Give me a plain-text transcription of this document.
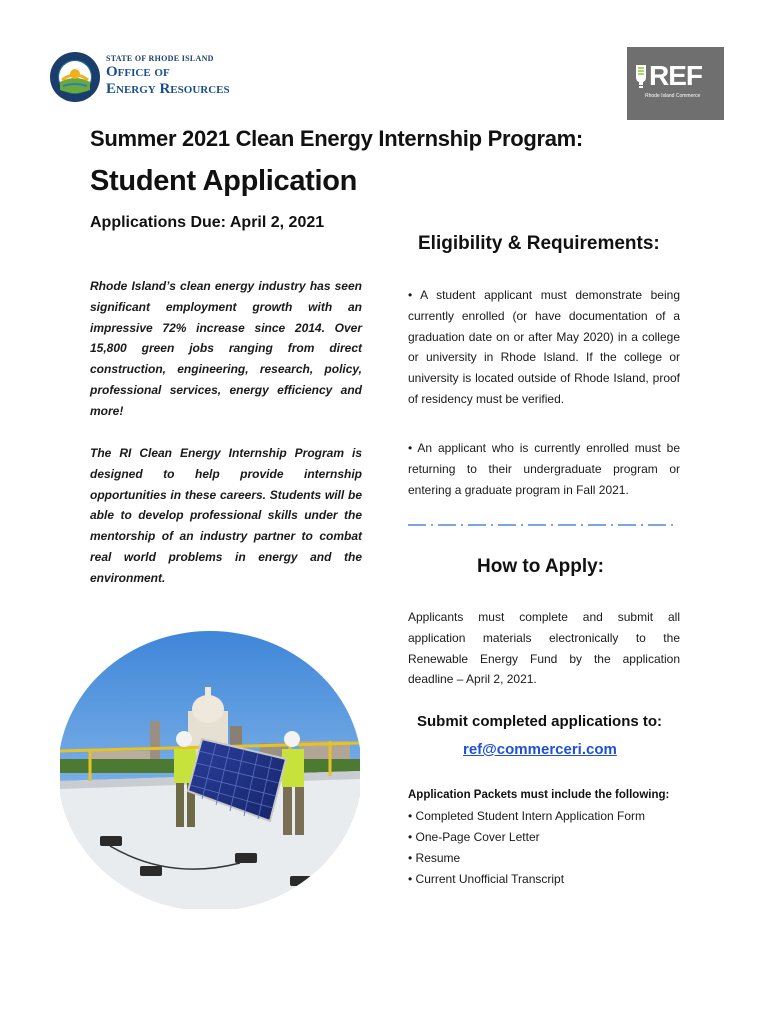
STATE OF RHODE ISLAND
Office of
Energy Resources	REF
Rhode Island Commerce
Summer 2021 Clean Energy Internship Program:
Student Application
Applications Due: April 2, 2021
Rhode Island’s clean energy industry has seen significant employment growth with an impressive 72% increase since 2014. Over 15,800 green jobs ranging from direct construction, engineering, research, policy, professional services, energy efficiency and more!
The RI Clean Energy Internship Program is designed to help provide internship opportunities in these careers. Students will be able to develop professional skills under the mentorship of an industry partner to combat real world problems in energy and the environment.
Eligibility & Requirements:
• A student applicant must demonstrate being currently enrolled (or have documentation of a graduation date on or after May 2020) in a college or university in Rhode Island. If the college or university is located outside of Rhode Island, proof of residency must be verified.
• An applicant who is currently enrolled must be returning to their undergraduate program or entering a graduate program in Fall 2021.
How to Apply:
Applicants must complete and submit all application materials electronically to the Renewable Energy Fund by the application deadline – April 2, 2021.
Submit completed applications to:
ref@commerceri.com
Application Packets must include the following:
• Completed Student Intern Application Form
• One-Page Cover Letter
• Resume
• Current Unofficial Transcript
